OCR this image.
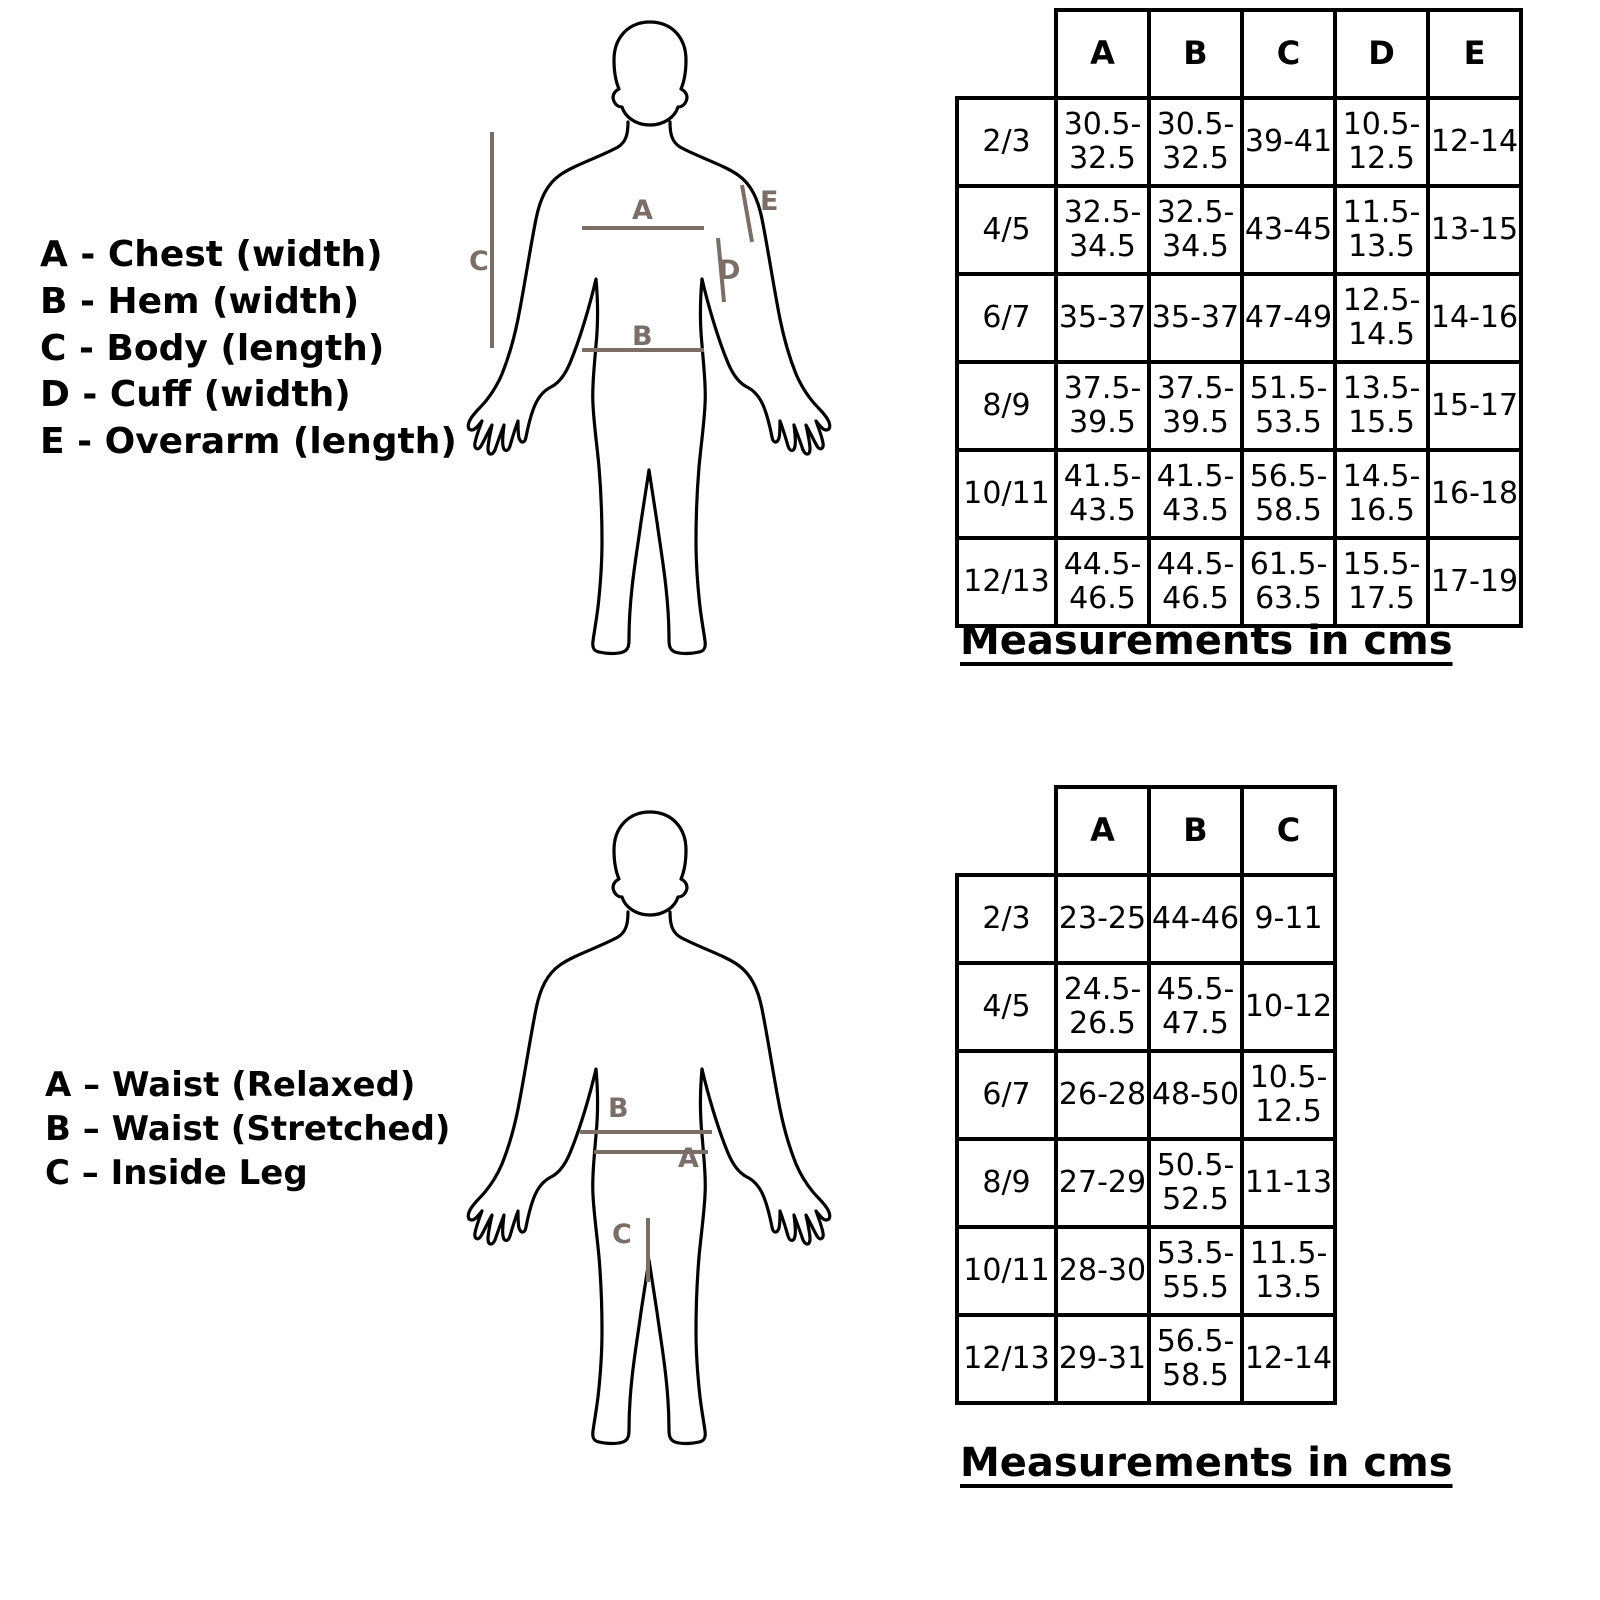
A - Chest (width)
B - Hem (width)
C - Body (length)
D - Cuff (width)
E - Overarm (length)
A – Waist (Relaxed)
B – Waist (Stretched)
C – Inside Leg
A
B
C	D
E
B
A
C
	A	B	C	D	E
2/3	30.5-32.5	30.5-32.5	39-41	10.5-12.5	12-14
4/5	32.5-34.5	32.5-34.5	43-45	11.5-13.5	13-15
6/7	35-37	35-37	47-49	12.5-14.5	14-16
8/9	37.5-39.5	37.5-39.5	51.5-53.5	13.5-15.5	15-17
10/11	41.5-43.5	41.5-43.5	56.5-58.5	14.5-16.5	16-18
12/13	44.5-46.5	44.5-46.5	61.5-63.5	15.5-17.5	17-19
Measurements in cms
	A	B	C
2/3	23-25	44-46	9-11
4/5	24.5-26.5	45.5-47.5	10-12
6/7	26-28	48-50	10.5-12.5
8/9	27-29	50.5-52.5	11-13
10/11	28-30	53.5-55.5	11.5-13.5
12/13	29-31	56.5-58.5	12-14
Measurements in cms
